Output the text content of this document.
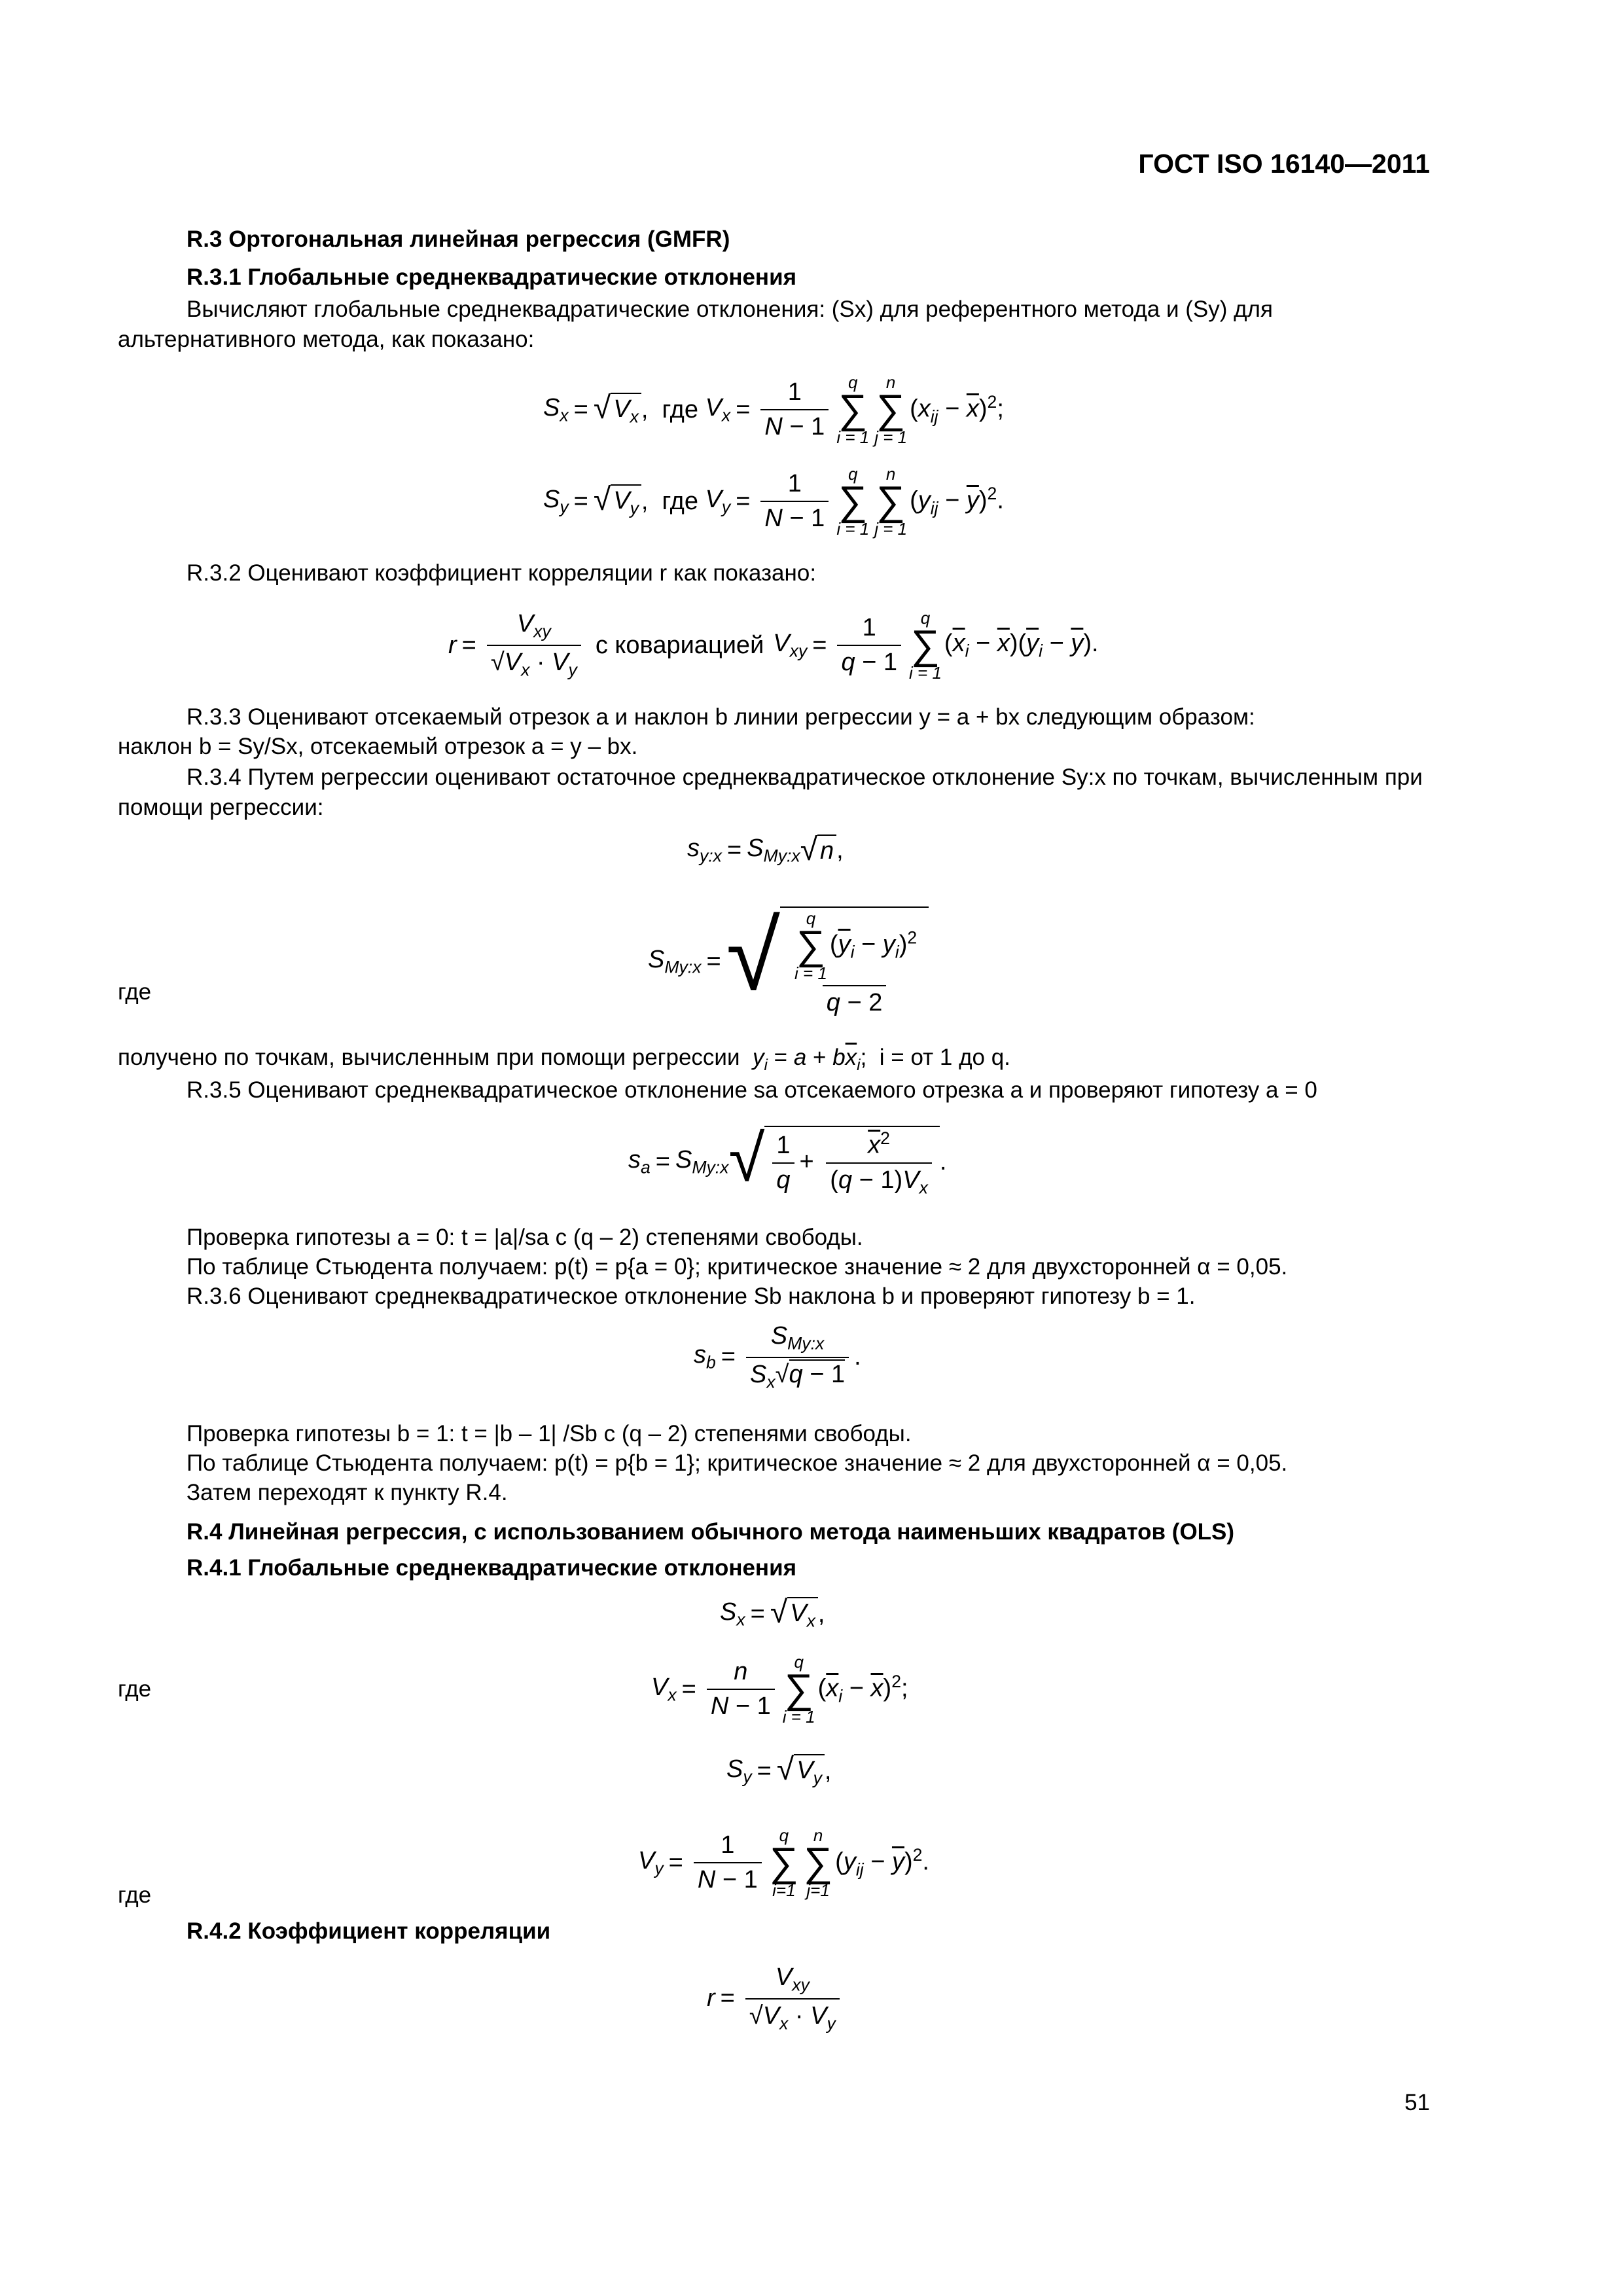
ГОСТ ISO 16140—2011
R.3 Ортогональная линейная регрессия (GMFR)
R.3.1 Глобальные среднеквадратические отклонения
Вычисляют глобальные среднеквадратические отклонения: (Sx) для референтного метода и (Sy) для альтернативного метода, как показано:
$S_x$ = √ $V_x$ ,  где $V_x = \frac{1}{N - 1}$ q
∑
i = 1
n
∑
j = 1
$(x_{ij} - \overline{x})^2$;
$S_y$ = √ $V_y$ ,  где $V_y = \frac{1}{N - 1}$ q
∑
i = 1
n
∑
j = 1
$(y_{ij} - \overline{y})^2$.
R.3.2 Оценивают коэффициент корреляции r как показано:
$r = \frac{V_{xy}}{√V_x \cdot V_y}$ с ковариацией $V_{xy} = \frac{1}{q - 1}$ q
∑
i = 1
$(\overline{x}_i - \overline{x})(\overline{y}_i - \overline{y})$.
R.3.3 Оценивают отсекаемый отрезок a и наклон b линии регрессии y = a + bx следующим образом:
наклон b = Sy/Sx, отсекаемый отрезок a = y – bx.
R.3.4 Путем регрессии оценивают остаточное среднеквадратическое отклонение Sy:x по точкам, вычисленным при помощи регрессии:
$s_{y:x} = S_{My:x}$ √ n ,
где
$S_{My:x}$ = √ q
∑
i = 1
$(\overline{y}_i - y_i)^2$
q − 2
получено по точкам, вычисленным при помощи регрессии $y_i = a + b\overline{x}_i$;  i = от 1 до q.
R.3.5 Оценивают среднеквадратическое отклонение sa отсекаемого отрезка a и проверяют гипотезу a = 0
$s_a = S_{My:x}$ √ $\frac{1}{q} + \frac{\overline{x}^2}{(q - 1)V_x}$ .
Проверка гипотезы a = 0: t = |a|/sa с (q – 2) степенями свободы.
По таблице Стьюдента получаем: p(t) = p{a = 0}; критическое значение ≈ 2 для двухсторонней α = 0,05.
R.3.6 Оценивают среднеквадратическое отклонение Sb наклона b и проверяют гипотезу b = 1.
$s_b = \frac{S_{My:x}}{S_x√q - 1}$ .
Проверка гипотезы b = 1: t = |b – 1| /Sb c (q – 2) степенями свободы.
По таблице Стьюдента получаем: p(t) = p{b = 1}; критическое значение ≈ 2 для двухсторонней α = 0,05.
Затем переходят к пункту R.4.
R.4 Линейная регрессия, с использованием обычного метода наименьших квадратов (OLS)
R.4.1 Глобальные среднеквадратические отклонения
$S_x$ = √ $V_x$ ,
где	$V_x = \frac{n}{N - 1}$ q
∑
i = 1
$(\overline{x}_i - \overline{x})^2$;
$S_y$ = √ $V_y$ ,
$V_y = \frac{1}{N - 1}$ q
∑
i=1
n
∑
j=1
$(y_{ij} - \overline{y})^2$.
где
R.4.2 Коэффициент корреляции
$r = \frac{V_{xy}}{√V_x \cdot V_y}$
51
